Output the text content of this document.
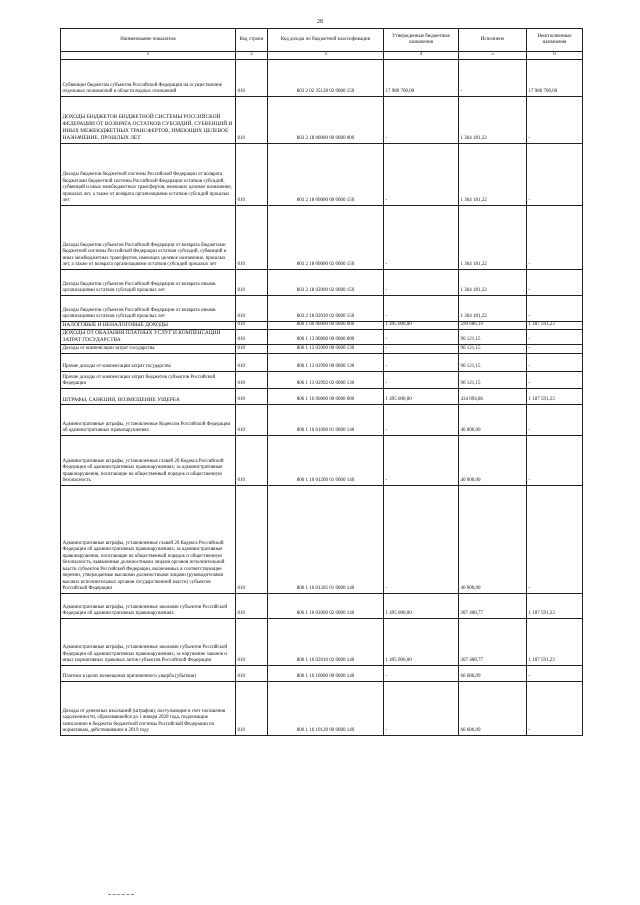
28
Наименование показателя	Код строки	Код дохода по бюджетной классификации	Утвержденные бюджетные назначения	Исполнено	Неисполненные назначения
1	2	3	4	5	6
Субвенции бюджетам субъектов Российской Федерации на осуществление отдельных полномочий в области водных отношений	010	803 2 02 35128 02 0000 150	17 980 700,00	-	17 980 700,00
ДОХОДЫ БЮДЖЕТОВ БЮДЖЕТНОЙ СИСТЕМЫ РОССИЙСКОЙ ФЕДЕРАЦИИ ОТ ВОЗВРАТА ОСТАТКОВ СУБСИДИЙ, СУБВЕНЦИЙ И ИНЫХ МЕЖБЮДЖЕТНЫХ ТРАНСФЕРТОВ, ИМЕЮЩИХ ЦЕЛЕВОЕ НАЗНАЧЕНИЕ, ПРОШЛЫХ ЛЕТ	010	803 2 18 00000 00 0000 000	-	1 364 181,22	-
Доходы бюджетов бюджетной системы Российской Федерации от возврата бюджетами бюджетной системы Российской Федерации остатков субсидий, субвенций и иных межбюджетных трансфертов, имеющих целевое назначение, прошлых лет, а также от возврата организациями остатков субсидий прошлых лет	010	803 2 18 00000 00 0000 150	-	1 364 181,22	-
Доходы бюджетов субъектов Российской Федерации от возврата бюджетами бюджетной системы Российской Федерации остатков субсидий, субвенций и иных межбюджетных трансфертов, имеющих целевое назначение, прошлых лет, а также от возврата организациями остатков субсидий прошлых лет	010	803 2 18 00000 02 0000 150	-	1 364 181,22	-
Доходы бюджетов субъектов Российской Федерации от возврата иными организациями остатков субсидий прошлых лет	010	803 2 18 02000 02 0000 150	-	1 364 181,22	-
Доходы бюджетов субъектов Российской Федерации от возврата иными организациями остатков субсидий прошлых лет	010	803 2 18 02030 02 0000 150	-	1 364 181,22	-
НАЛОГОВЫЕ И НЕНАЛОГОВЫЕ ДОХОДЫ	010	806 1 00 00000 00 0000 000	1 495 000,00	599 686,19	1 187 591,23
ДОХОДЫ ОТ ОКАЗАНИЯ ПЛАТНЫХ УСЛУГ И КОМПЕНСАЦИИ ЗАТРАТ ГОСУДАРСТВА	010	806 1 13 00000 00 0000 000	-	96 121,15	-
Доходы от компенсации затрат государства	010	806 1 13 02000 00 0000 130	-	96 121,15	-
Прочие доходы от компенсации затрат государства	010	806 1 13 02990 00 0000 130	-	96 121,15	-
Прочие доходы от компенсации затрат бюджетов субъектов Российской Федерации	010	806 1 13 02992 02 0000 130	-	96 121,15	-
ШТРАФЫ, САНКЦИИ, ВОЗМЕЩЕНИЕ УЩЕРБА	010	806 1 16 00000 00 0000 000	1 495 000,00	434 094,86	1 187 591,23
Административные штрафы, установленные Кодексом Российской Федерации об административных правонарушениях	010	806 1 16 01000 01 0000 140	-	40 000,00	-
Административные штрафы, установленные главой 20 Кодекса Российской Федерации об административных правонарушениях, за административные правонарушения, посягающие на общественный порядок и общественную безопасность	010	806 1 16 01200 01 0000 140	-	40 000,00	-
Административные штрафы, установленные главой 20 Кодекса Российской Федерации об административных правонарушениях, за административные правонарушения, посягающие на общественный порядок и общественную безопасность, выявленные должностными лицами органов исполнительной власти субъектов Российской Федерации, включенных в соответствующие перечни, утверждаемые высшими должностными лицами (руководителями высших исполнительных органов государственной власти) субъектов Российской Федерации	010	806 1 16 01205 01 0000 140	-	40 000,00	-
Административные штрафы, установленные законами субъектов Российской Федерации об административных правонарушениях	010	806 1 16 02000 02 0000 140	1 495 000,00	307 408,77	1 187 591,23
Административные штрафы, установленные законами субъектов Российской Федерации об административных правонарушениях, за нарушение законов и иных нормативных правовых актов субъектов Российской Федерации	010	806 1 16 02010 02 0000 140	1 495 000,00	307 408,77	1 187 591,23
Платежи в целях возмещения причиненного ущерба (убытков)	010	806 1 16 10000 00 0000 140	-	66 686,09	-
Доходы от денежных взысканий (штрафов), поступающие в счет погашения задолженности, образовавшейся до 1 января 2020 года, подлежащие зачислению в бюджеты бюджетной системы Российской Федерации по нормативам, действовавшим в 2019 году	010	806 1 16 10120 00 0000 140	-	66 686,09	-
